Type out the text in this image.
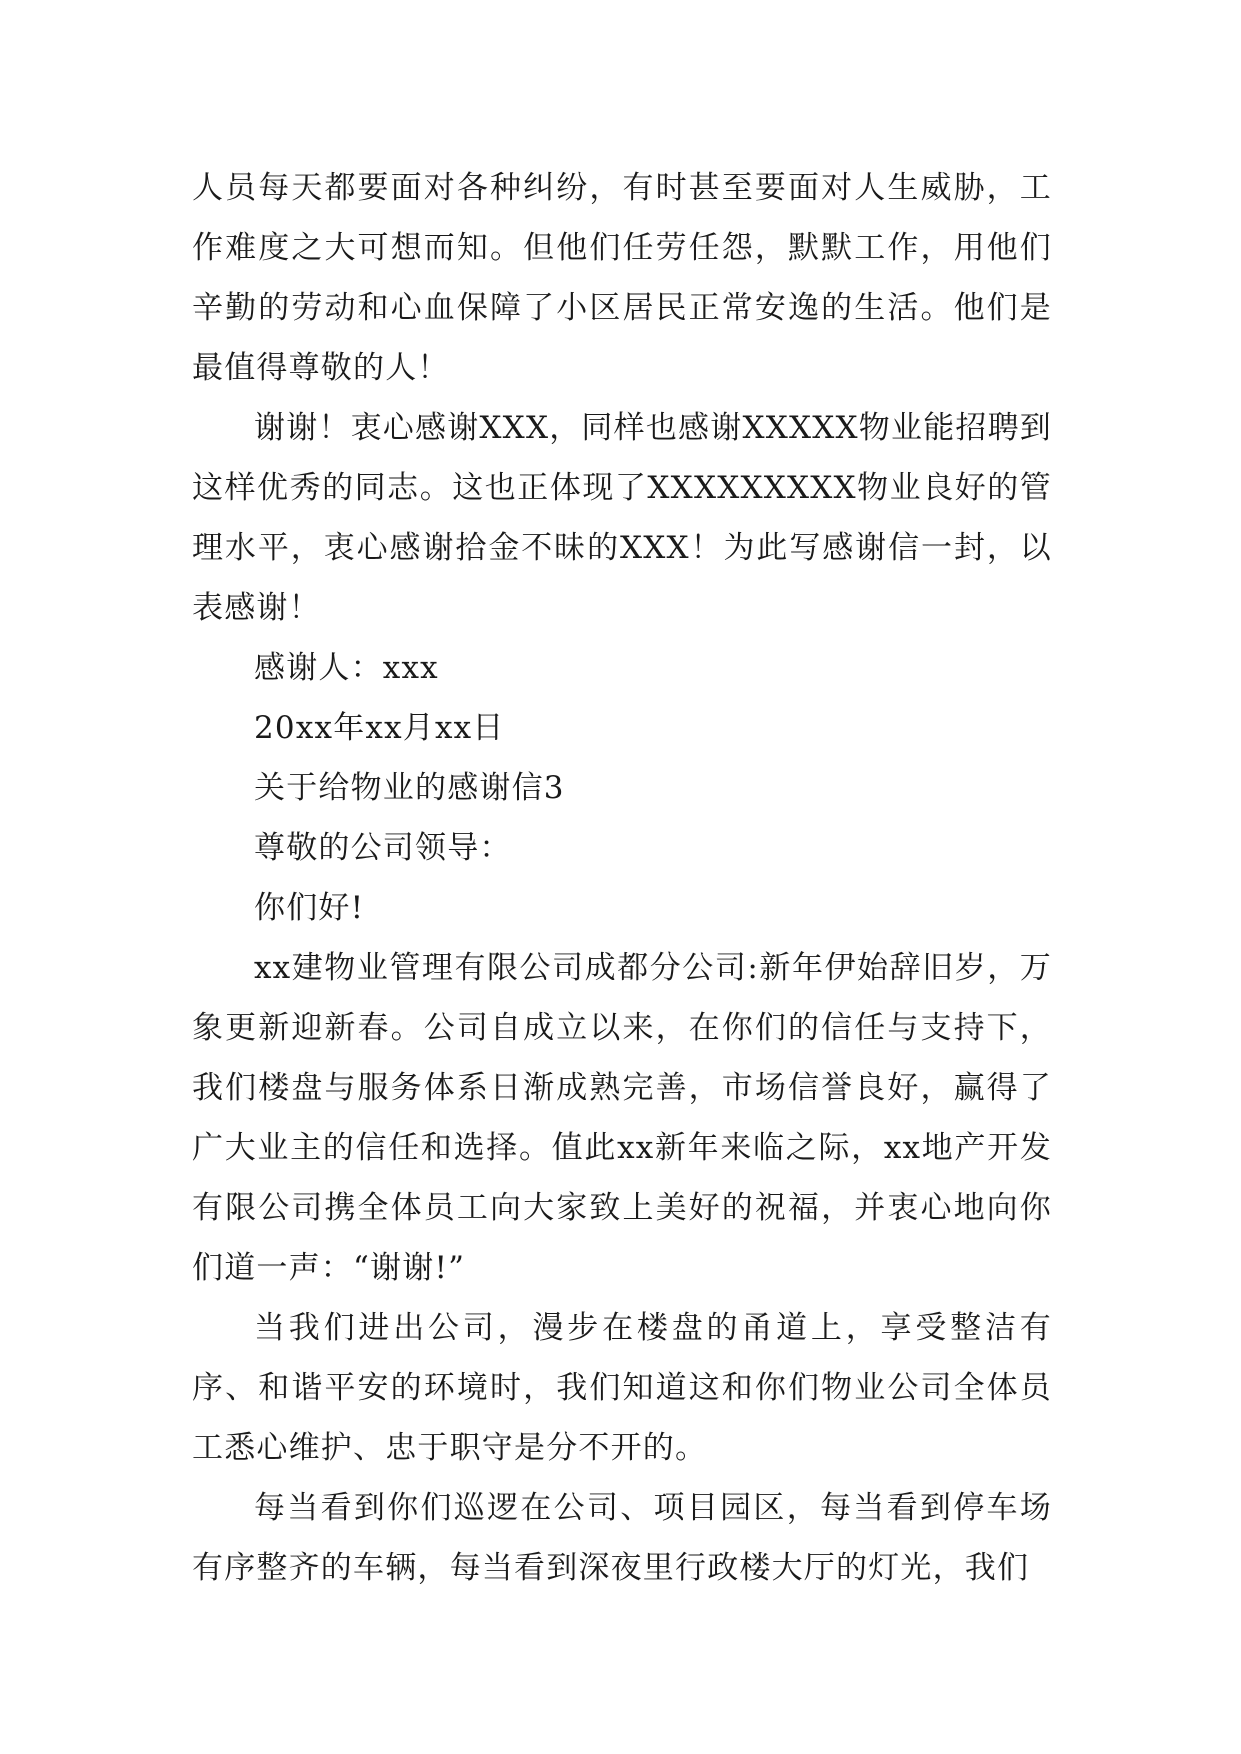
人员每天都要面对各种纠纷，有时甚至要面对人生威胁，工作难度之大可想而知。但他们任劳任怨，默默工作，用他们辛勤的劳动和心血保障了小区居民正常安逸的生活。他们是最值得尊敬的人！

谢谢！衷心感谢XXX，同样也感谢XXXXX物业能招聘到这样优秀的同志。这也正体现了XXXXXXXXX物业良好的管理水平，衷心感谢拾金不昧的XXX！为此写感谢信一封，以表感谢！

感谢人：xxx

20xx年xx月xx日

关于给物业的感谢信3

尊敬的公司领导：

你们好!

xx建物业管理有限公司成都分公司:新年伊始辞旧岁，万象更新迎新春。公司自成立以来，在你们的信任与支持下，我们楼盘与服务体系日渐成熟完善，市场信誉良好，赢得了广大业主的信任和选择。值此xx新年来临之际，xx地产开发有限公司携全体员工向大家致上美好的祝福，并衷心地向你们道一声：“谢谢!”

当我们进出公司，漫步在楼盘的甬道上，享受整洁有序、和谐平安的环境时，我们知道这和你们物业公司全体员工悉心维护、忠于职守是分不开的。

每当看到你们巡逻在公司、项目园区，每当看到停车场有序整齐的车辆，每当看到深夜里行政楼大厅的灯光，我们
